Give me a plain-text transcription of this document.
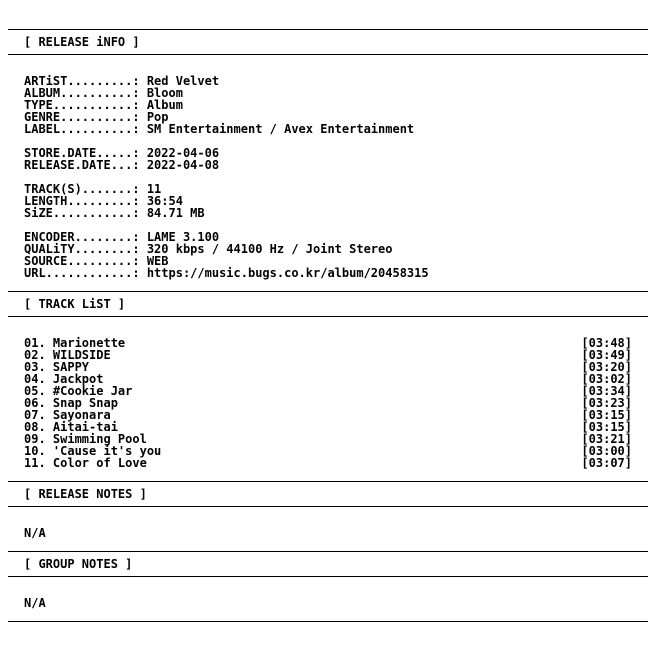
[ RELEASE iNFO ]
ARTiST.........: Red Velvet
ALBUM..........: Bloom
TYPE...........: Album
GENRE..........: Pop
LABEL..........: SM Entertainment / Avex Entertainment
STORE.DATE.....: 2022-04-06
RELEASE.DATE...: 2022-04-08
TRACK(S).......: 11
LENGTH.........: 36:54
SiZE...........: 84.71 MB
ENCODER........: LAME 3.100
QUALiTY........: 320 kbps / 44100 Hz / Joint Stereo
SOURCE.........: WEB
URL............: https://music.bugs.co.kr/album/20458315
[ TRACK LiST ]
01. Marionette	[03:48]
02. WILDSIDE	[03:49]
03. SAPPY	[03:20]
04. Jackpot	[03:02]
05. #Cookie Jar	[03:34]
06. Snap Snap	[03:23]
07. Sayonara	[03:15]
08. Aitai-tai	[03:15]
09. Swimming Pool	[03:21]
10. 'Cause it's you	[03:00]
11. Color of Love	[03:07]
[ RELEASE NOTES ]
N/A
[ GROUP NOTES ]
N/A
